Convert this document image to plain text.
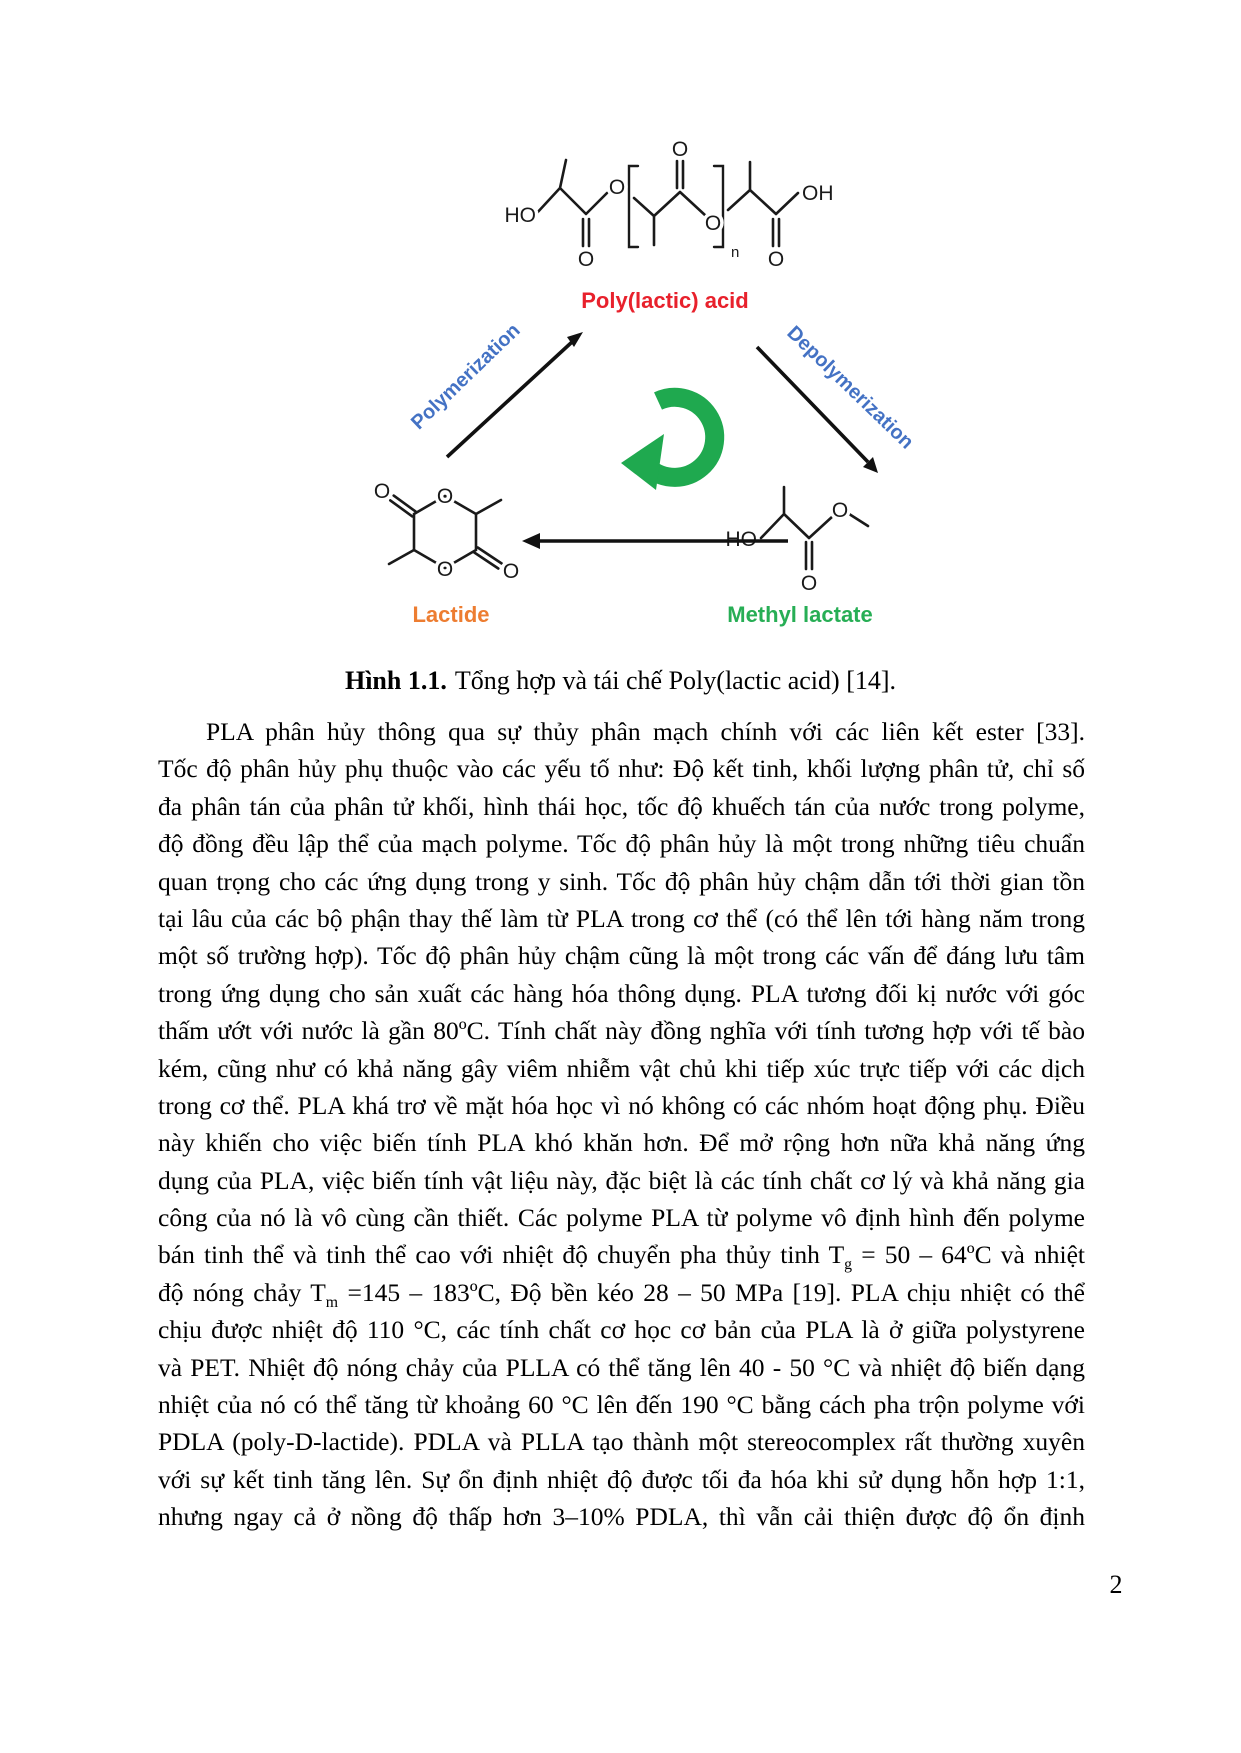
HO
O
O
O
O
O
OH
n
Poly(lactic) acid
Polymerization	Depolymerization
O
O
O
O
Lactide
HO
O
O
Methyl lactate
Hình 1.1. Tổng hợp và tái chế Poly(lactic acid) [14].
PLA phân hủy thông qua sự thủy phân mạch chính với các liên kết ester [33].
Tốc độ phân hủy phụ thuộc vào các yếu tố như: Độ kết tinh, khối lượng phân tử, chỉ số
đa phân tán của phân tử khối, hình thái học, tốc độ khuếch tán của nước trong polyme,
độ đồng đều lập thể của mạch polyme. Tốc độ phân hủy là một trong những tiêu chuẩn
quan trọng cho các ứng dụng trong y sinh. Tốc độ phân hủy chậm dẫn tới thời gian tồn
tại lâu của các bộ phận thay thế làm từ PLA trong cơ thể (có thể lên tới hàng năm trong
một số trường hợp). Tốc độ phân hủy chậm cũng là một trong các vấn để đáng lưu tâm
trong ứng dụng cho sản xuất các hàng hóa thông dụng. PLA tương đối kị nước với góc
thấm ướt với nước là gần 80ºC. Tính chất này đồng nghĩa với tính tương hợp với tế bào
kém, cũng như có khả năng gây viêm nhiễm vật chủ khi tiếp xúc trực tiếp với các dịch
trong cơ thể. PLA khá trơ về mặt hóa học vì nó không có các nhóm hoạt động phụ. Điều
này khiến cho việc biến tính PLA khó khăn hơn. Để mở rộng hơn nữa khả năng ứng
dụng của PLA, việc biến tính vật liệu này, đặc biệt là các tính chất cơ lý và khả năng gia
công của nó là vô cùng cần thiết. Các polyme PLA từ polyme vô định hình đến polyme
bán tinh thể và tinh thể cao với nhiệt độ chuyển pha thủy tinh $T_g = 50$ – 64ºC và nhiệt
độ nóng chảy $T_m =145$ – 183ºC, Độ bền kéo 28 – 50 MPa [19]. PLA chịu nhiệt có thể
chịu được nhiệt độ 110 °C, các tính chất cơ học cơ bản của PLA là ở giữa polystyrene
và PET. Nhiệt độ nóng chảy của PLLA có thể tăng lên 40 - 50 °C và nhiệt độ biến dạng
nhiệt của nó có thể tăng từ khoảng 60 °C lên đến 190 °C bằng cách pha trộn polyme với
PDLA (poly-D-lactide). PDLA và PLLA tạo thành một stereocomplex rất thường xuyên
với sự kết tinh tăng lên. Sự ổn định nhiệt độ được tối đa hóa khi sử dụng hỗn hợp 1:1,
nhưng ngay cả ở nồng độ thấp hơn 3–10% PDLA, thì vẫn cải thiện được độ ổn định
2
